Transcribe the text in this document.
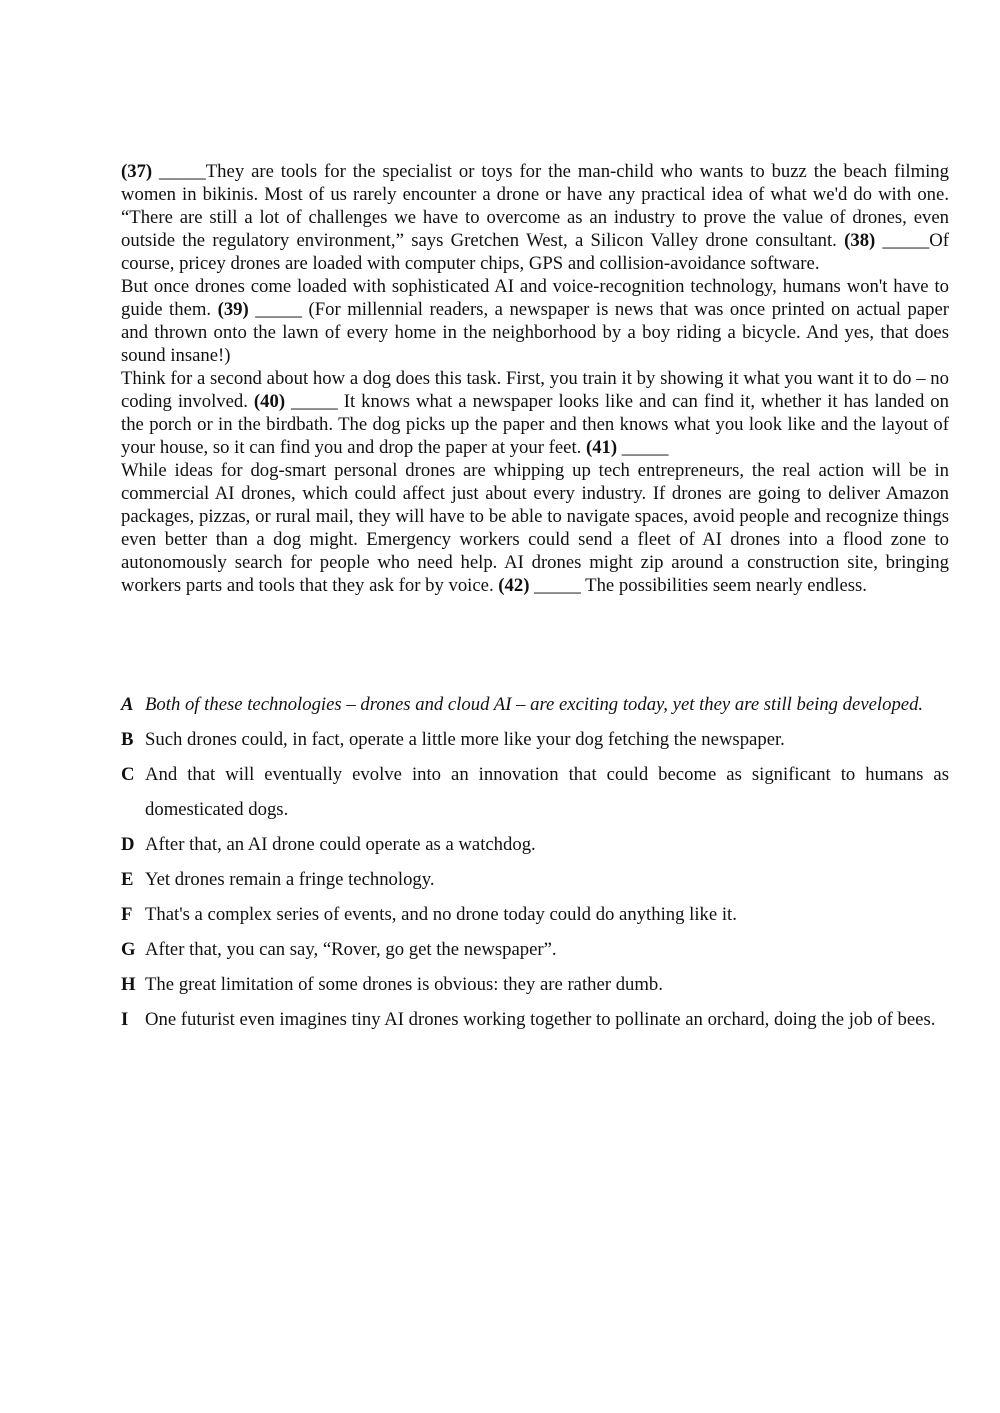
(37) _____They are tools for the specialist or toys for the man-child who wants to buzz the beach filming women in bikinis. Most of us rarely encounter a drone or have any practical idea of what we'd do with one. “There are still a lot of challenges we have to overcome as an industry to prove the value of drones, even outside the regulatory environment,” says Gretchen West, a Silicon Valley drone consultant. (38) _____Of course, pricey drones are loaded with computer chips, GPS and collision-avoidance software.

But once drones come loaded with sophisticated AI and voice-recognition technology, humans won't have to guide them. (39) _____ (For millennial readers, a newspaper is news that was once printed on actual paper and thrown onto the lawn of every home in the neighborhood by a boy riding a bicycle. And yes, that does sound insane!)

Think for a second about how a dog does this task. First, you train it by showing it what you want it to do – no coding involved. (40) _____ It knows what a newspaper looks like and can find it, whether it has landed on the porch or in the birdbath. The dog picks up the paper and then knows what you look like and the layout of your house, so it can find you and drop the paper at your feet. (41) _____

While ideas for dog-smart personal drones are whipping up tech entrepreneurs, the real action will be in commercial AI drones, which could affect just about every industry. If drones are going to deliver Amazon packages, pizzas, or rural mail, they will have to be able to navigate spaces, avoid people and recognize things even better than a dog might. Emergency workers could send a fleet of AI drones into a flood zone to autonomously search for people who need help. AI drones might zip around a construction site, bringing workers parts and tools that they ask for by voice. (42) _____ The possibilities seem nearly endless.

A Both of these technologies – drones and cloud AI – are exciting today, yet they are still being developed.
B Such drones could, in fact, operate a little more like your dog fetching the newspaper.
C And that will eventually evolve into an innovation that could become as significant to humans as domesticated dogs.
D After that, an AI drone could operate as a watchdog.
E Yet drones remain a fringe technology.
F That's a complex series of events, and no drone today could do anything like it.
G After that, you can say, “Rover, go get the newspaper”.
H The great limitation of some drones is obvious: they are rather dumb.
I One futurist even imagines tiny AI drones working together to pollinate an orchard, doing the job of bees.
